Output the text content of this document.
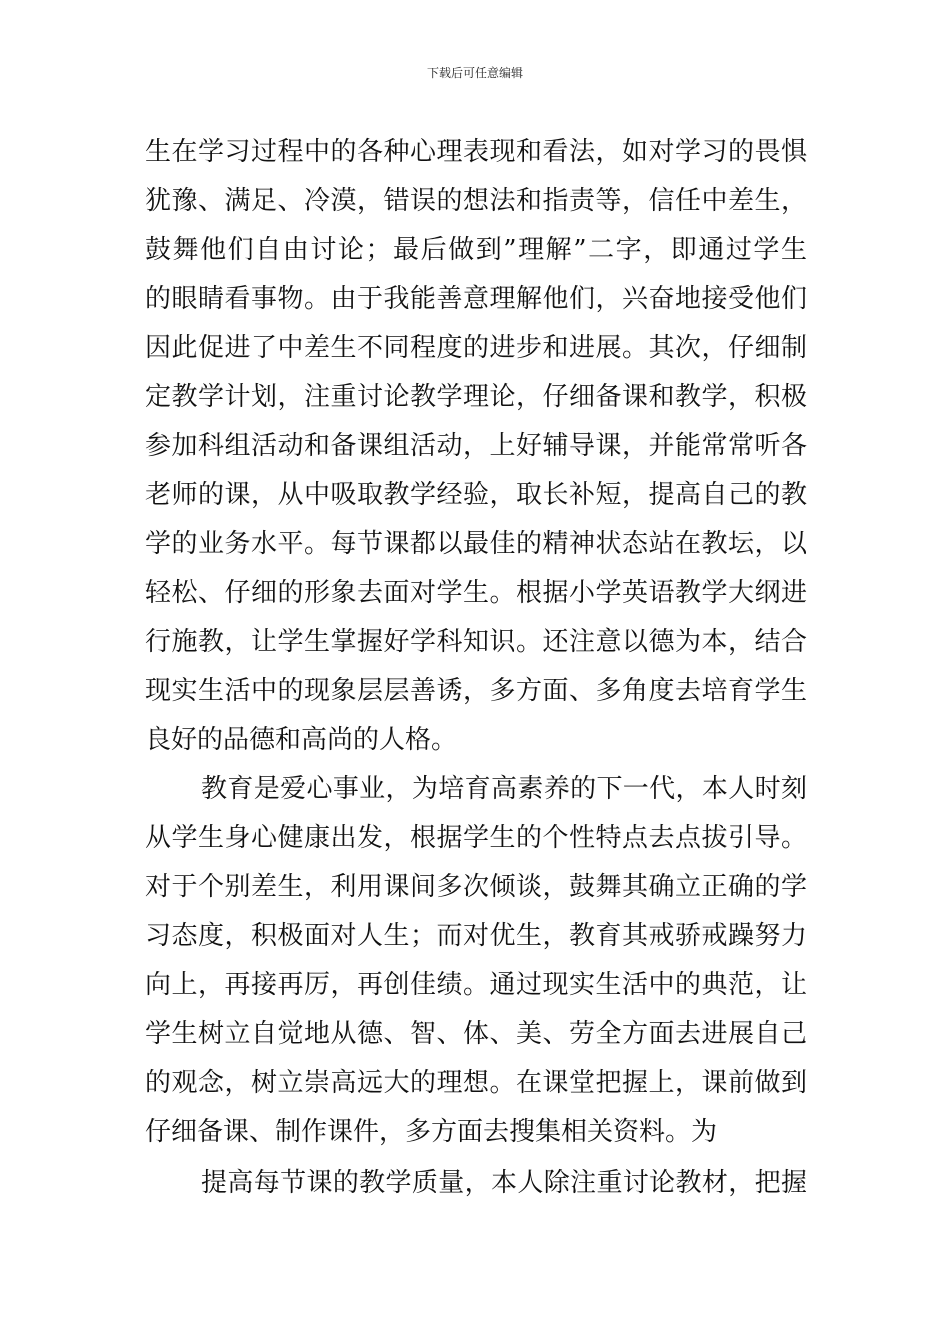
下载后可任意编辑
生在学习过程中的各种心理表现和看法，如对学习的畏惧
犹豫、满足、冷漠，错误的想法和指责等，信任中差生，
鼓舞他们自由讨论；最后做到”理解”二字，即通过学生
的眼睛看事物。由于我能善意理解他们，兴奋地接受他们
因此促进了中差生不同程度的进步和进展。其次，仔细制
定教学计划，注重讨论教学理论，仔细备课和教学，积极
参加科组活动和备课组活动，上好辅导课，并能常常听各
老师的课，从中吸取教学经验，取长补短，提高自己的教
学的业务水平。每节课都以最佳的精神状态站在教坛，以
轻松、仔细的形象去面对学生。根据小学英语教学大纲进
行施教，让学生掌握好学科知识。还注意以德为本，结合
现实生活中的现象层层善诱，多方面、多角度去培育学生
良好的品德和高尚的人格。
教育是爱心事业，为培育高素养的下一代，本人时刻
从学生身心健康出发，根据学生的个性特点去点拔引导。
对于个别差生，利用课间多次倾谈，鼓舞其确立正确的学
习态度，积极面对人生；而对优生，教育其戒骄戒躁努力
向上，再接再厉，再创佳绩。通过现实生活中的典范，让
学生树立自觉地从德、智、体、美、劳全方面去进展自己
的观念，树立崇高远大的理想。在课堂把握上，课前做到
仔细备课、制作课件，多方面去搜集相关资料。为
提高每节课的教学质量，本人除注重讨论教材，把握
